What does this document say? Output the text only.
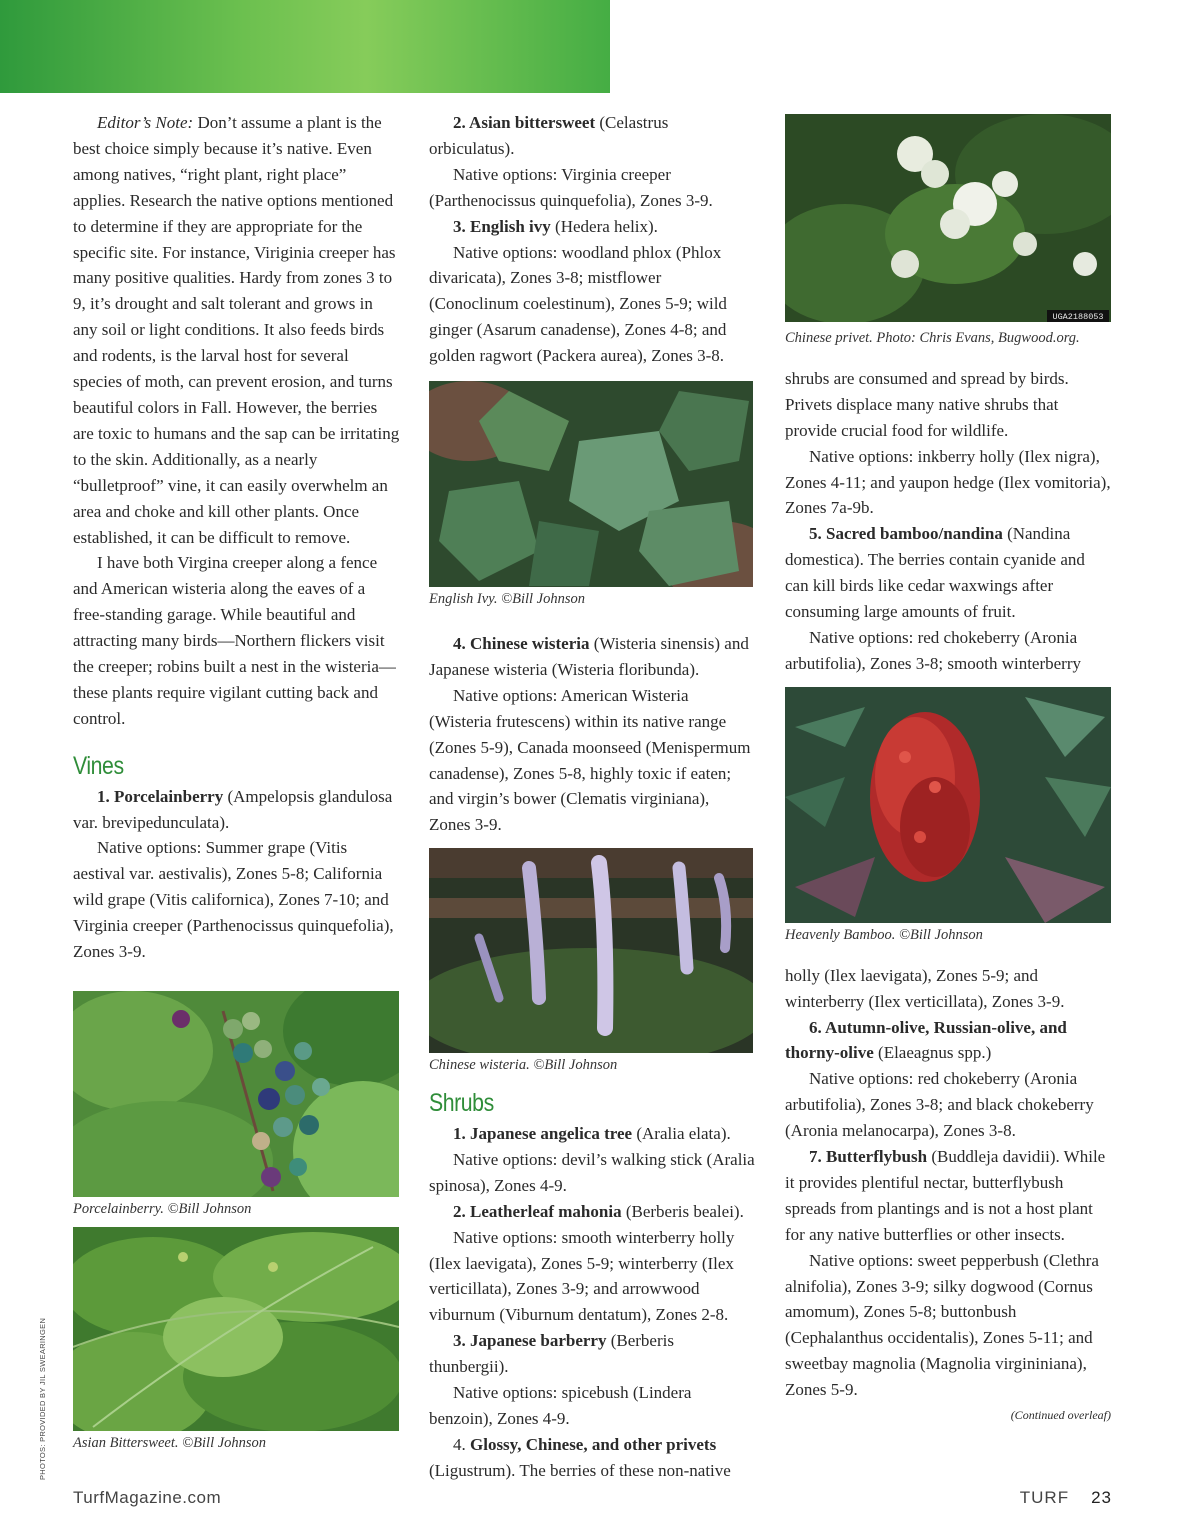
Editor’s Note: Don’t assume a plant is the best choice simply because it’s native. Even among natives, “right plant, right place” applies. Research the native options mentioned to determine if they are appropriate for the specific site. For instance, Viriginia creeper has many positive qualities. Hardy from zones 3 to 9, it’s drought and salt tolerant and grows in any soil or light conditions. It also feeds birds and rodents, is the larval host for several species of moth, can prevent erosion, and turns beautiful colors in Fall. However, the berries are toxic to humans and the sap can be irritating to the skin. Additionally, as a nearly “bulletproof” vine, it can easily overwhelm an area and choke and kill other plants. Once established, it can be difficult to remove.

I have both Virgina creeper along a fence and American wisteria along the eaves of a free-standing garage. While beautiful and attracting many birds—Northern flickers visit the creeper; robins built a nest in the wisteria—these plants require vigilant cutting back and control.

Vines

1. Porcelainberry (Ampelopsis glandulosa var. brevipedunculata).

Native options: Summer grape (Vitis aestival var. aestivalis), Zones 5-8; California wild grape (Vitis californica), Zones 7-10; and Virginia creeper (Parthenocissus quinquefolia), Zones 3-9.

Porcelainberry. ©Bill Johnson

Asian Bittersweet. ©Bill Johnson

2. Asian bittersweet (Celastrus orbiculatus).

Native options: Virginia creeper (Parthenocissus quinquefolia), Zones 3-9.

3. English ivy (Hedera helix).

Native options: woodland phlox (Phlox divaricata), Zones 3-8; mistflower (Conoclinum coelestinum), Zones 5-9; wild ginger (Asarum canadense), Zones 4-8; and golden ragwort (Packera aurea), Zones 3-8.

English Ivy. ©Bill Johnson

4. Chinese wisteria (Wisteria sinensis) and Japanese wisteria (Wisteria floribunda).

Native options: American Wisteria (Wisteria frutescens) within its native range (Zones 5-9), Canada moonseed (Menispermum canadense), Zones 5-8, highly toxic if eaten; and virgin’s bower (Clematis virginiana), Zones 3-9.

Chinese wisteria. ©Bill Johnson

Shrubs

1. Japanese angelica tree (Aralia elata).

Native options: devil’s walking stick (Aralia spinosa), Zones 4-9.

2. Leatherleaf mahonia (Berberis bealei).

Native options: smooth winterberry holly (Ilex laevigata), Zones 5-9; winterberry (Ilex verticillata), Zones 3-9; and arrowwood viburnum (Viburnum dentatum), Zones 2-8.

3. Japanese barberry (Berberis thunbergii).

Native options: spicebush (Lindera benzoin), Zones 4-9.

4. Glossy, Chinese, and other privets (Ligustrum). The berries of these non-native

UGA2188053

Chinese privet. Photo: Chris Evans, Bugwood.org.

shrubs are consumed and spread by birds. Privets displace many native shrubs that provide crucial food for wildlife.

Native options: inkberry holly (Ilex nigra), Zones 4-11; and yaupon hedge (Ilex vomitoria), Zones 7a-9b.

5. Sacred bamboo/nandina (Nandina domestica). The berries contain cyanide and can kill birds like cedar waxwings after consuming large amounts of fruit.

Native options: red chokeberry (Aronia arbutifolia), Zones 3-8; smooth winterberry

Heavenly Bamboo. ©Bill Johnson

holly (Ilex laevigata), Zones 5-9; and winterberry (Ilex verticillata), Zones 3-9.

6. Autumn-olive, Russian-olive, and thorny-olive (Elaeagnus spp.)

Native options: red chokeberry (Aronia arbutifolia), Zones 3-8; and black chokeberry (Aronia melanocarpa), Zones 3-8.

7. Butterflybush (Buddleja davidii). While it provides plentiful nectar, butterflybush spreads from plantings and is not a host plant for any native butterflies or other insects.

Native options: sweet pepperbush (Clethra alnifolia), Zones 3-9; silky dogwood (Cornus amomum), Zones 5-8; buttonbush (Cephalanthus occidentalis), Zones 5-11; and sweetbay magnolia (Magnolia virgininiana), Zones 5-9.

(Continued overleaf)

PHOTOS: PROVIDED BY JIL SWEARINGEN
TurfMagazine.com	TURF 23
